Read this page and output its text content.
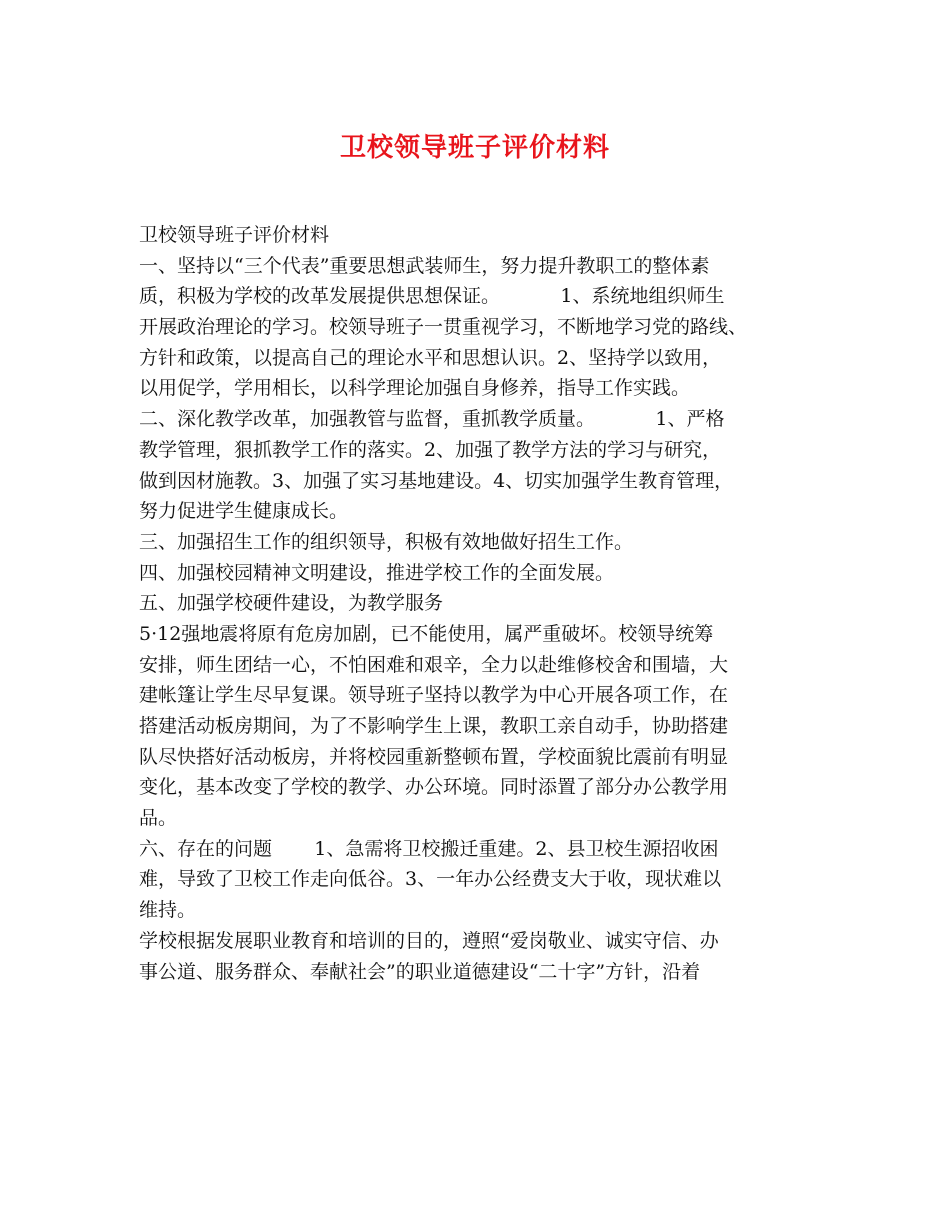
卫校领导班子评价材料
卫校领导班子评价材料
一、坚持以“三个代表”重要思想武装师生，努力提升教职工的整体素
质，积极为学校的改革发展提供思想保证。          1、系统地组织师生
开展政治理论的学习。校领导班子一贯重视学习，不断地学习党的路线、
方针和政策，以提高自己的理论水平和思想认识。2、坚持学以致用，
以用促学，学用相长，以科学理论加强自身修养，指导工作实践。
二、深化教学改革，加强教管与监督，重抓教学质量。          1、严格
教学管理，狠抓教学工作的落实。2、加强了教学方法的学习与研究，
做到因材施教。3、加强了实习基地建设。4、切实加强学生教育管理，
努力促进学生健康成长。
三、加强招生工作的组织领导，积极有效地做好招生工作。
四、加强校园精神文明建设，推进学校工作的全面发展。
五、加强学校硬件建设，为教学服务
5·12强地震将原有危房加剧，已不能使用，属严重破坏。校领导统筹
安排，师生团结一心，不怕困难和艰辛，全力以赴维修校舍和围墙，大
建帐篷让学生尽早复课。领导班子坚持以教学为中心开展各项工作，在
搭建活动板房期间，为了不影响学生上课，教职工亲自动手，协助搭建
队尽快搭好活动板房，并将校园重新整顿布置，学校面貌比震前有明显
变化，基本改变了学校的教学、办公环境。同时添置了部分办公教学用
品。
六、存在的问题       1、急需将卫校搬迁重建。2、县卫校生源招收困
难，导致了卫校工作走向低谷。3、一年办公经费支大于收，现状难以
维持。
学校根据发展职业教育和培训的目的，遵照“爱岗敬业、诚实守信、办
事公道、服务群众、奉献社会”的职业道德建设“二十字”方针，沿着
